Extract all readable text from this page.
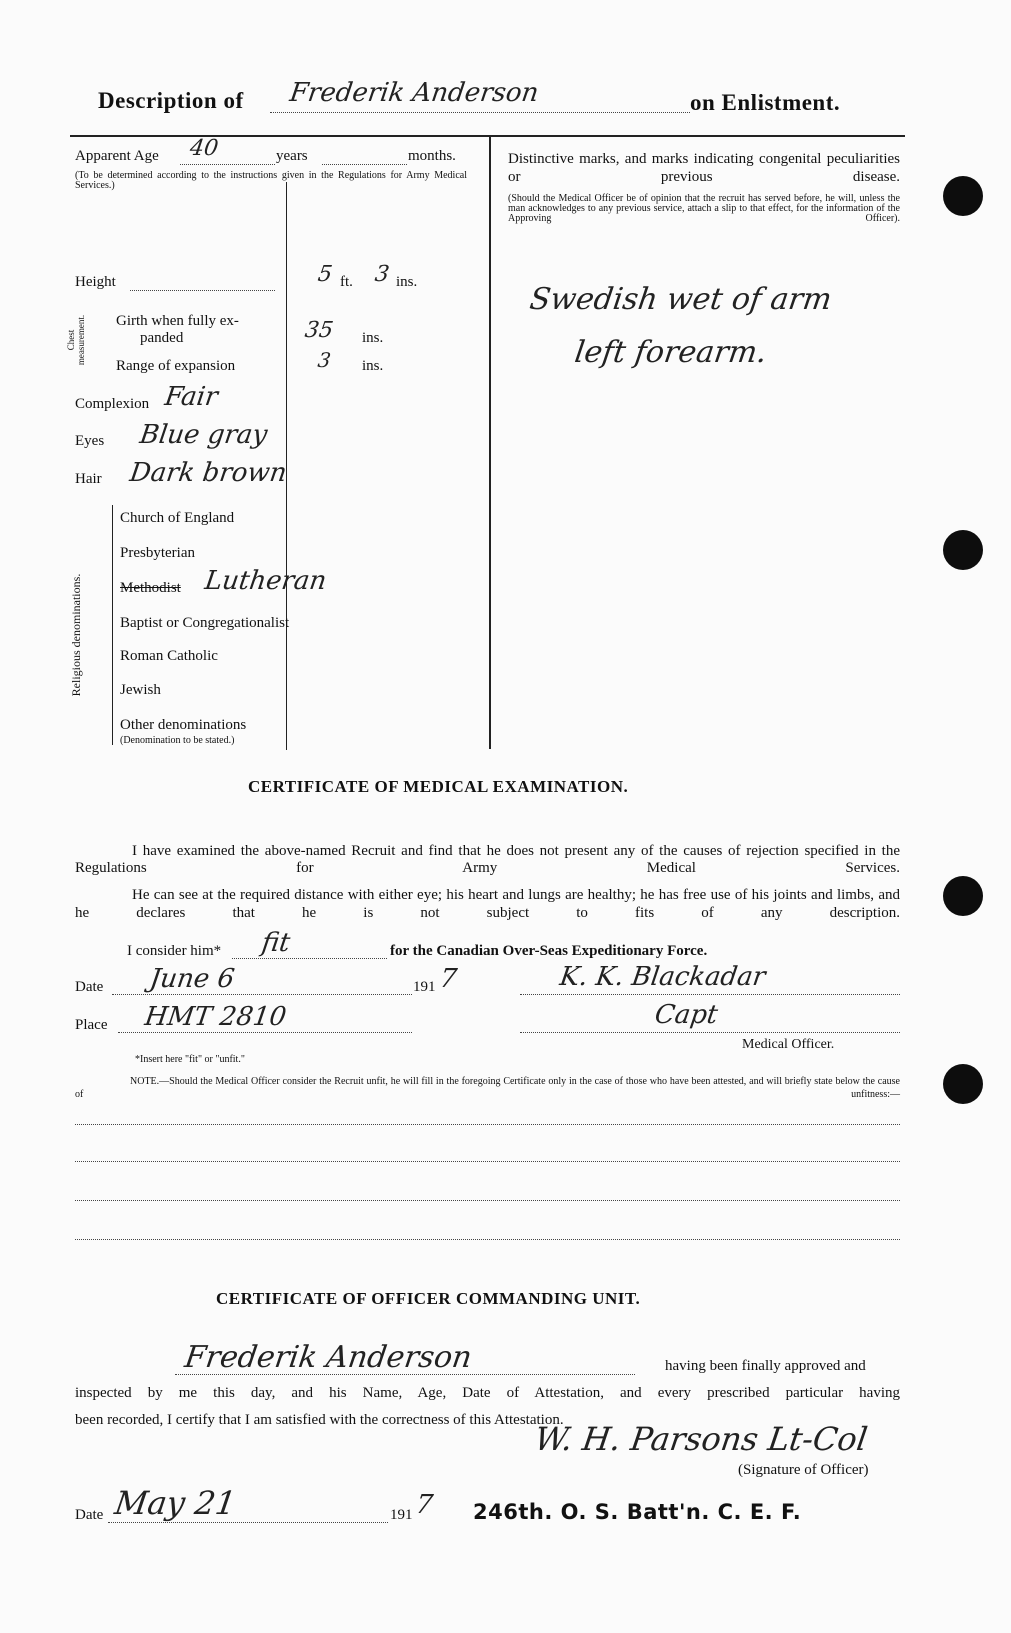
Description of Frederik Anderson	on Enlistment.
Apparent Age 40	years	months.
(To be determined according to the instructions given in the Regulations for Army Medical Services.)
Height	5 ft. 3 ins.
Chest measurement. Girth when fully ex-
panded	35 ins.
Range of expansion	3 ins.
Complexion Fair
Eyes Blue gray
Hair Dark brown
Religious denominations.
Church of England
Presbyterian
Methodist Lutheran
Baptist or Congregationalist
Roman Catholic
Jewish
Other denominations
(Denomination to be stated.)
Distinctive marks, and marks indicating congenital peculiarities or previous disease.
(Should the Medical Officer be of opinion that the recruit has served before, he will, unless the man acknowledges to any previous service, attach a slip to that effect, for the information of the Approving Officer).
Swedish wet of arm
left forearm.
CERTIFICATE OF MEDICAL EXAMINATION.
I have examined the above-named Recruit and find that he does not present any of the causes of rejection specified in the Regulations for Army Medical Services.
He can see at the required distance with either eye; his heart and lungs are healthy; he has free use of his joints and limbs, and he declares that he is not subject to fits of any description.
I consider him* fit	for the Canadian Over-Seas Expeditionary Force.
Date June 6	191 7	K. K. Blackadar
Place HMT 2810	Capt
Medical Officer.
*Insert here "fit" or "unfit."
NOTE.—Should the Medical Officer consider the Recruit unfit, he will fill in the foregoing Certificate only in the case of those who have been attested, and will briefly state below the cause of unfitness:—
CERTIFICATE OF OFFICER COMMANDING UNIT.
Frederik Anderson	having been finally approved and
inspected by me this day, and his Name, Age, Date of Attestation, and every prescribed particular having
been recorded, I certify that I am satisfied with the correctness of this Attestation.
W. H. Parsons Lt-Col
(Signature of Officer)
Date May 21	191 7 246th. O. S. Batt'n. C. E. F.
